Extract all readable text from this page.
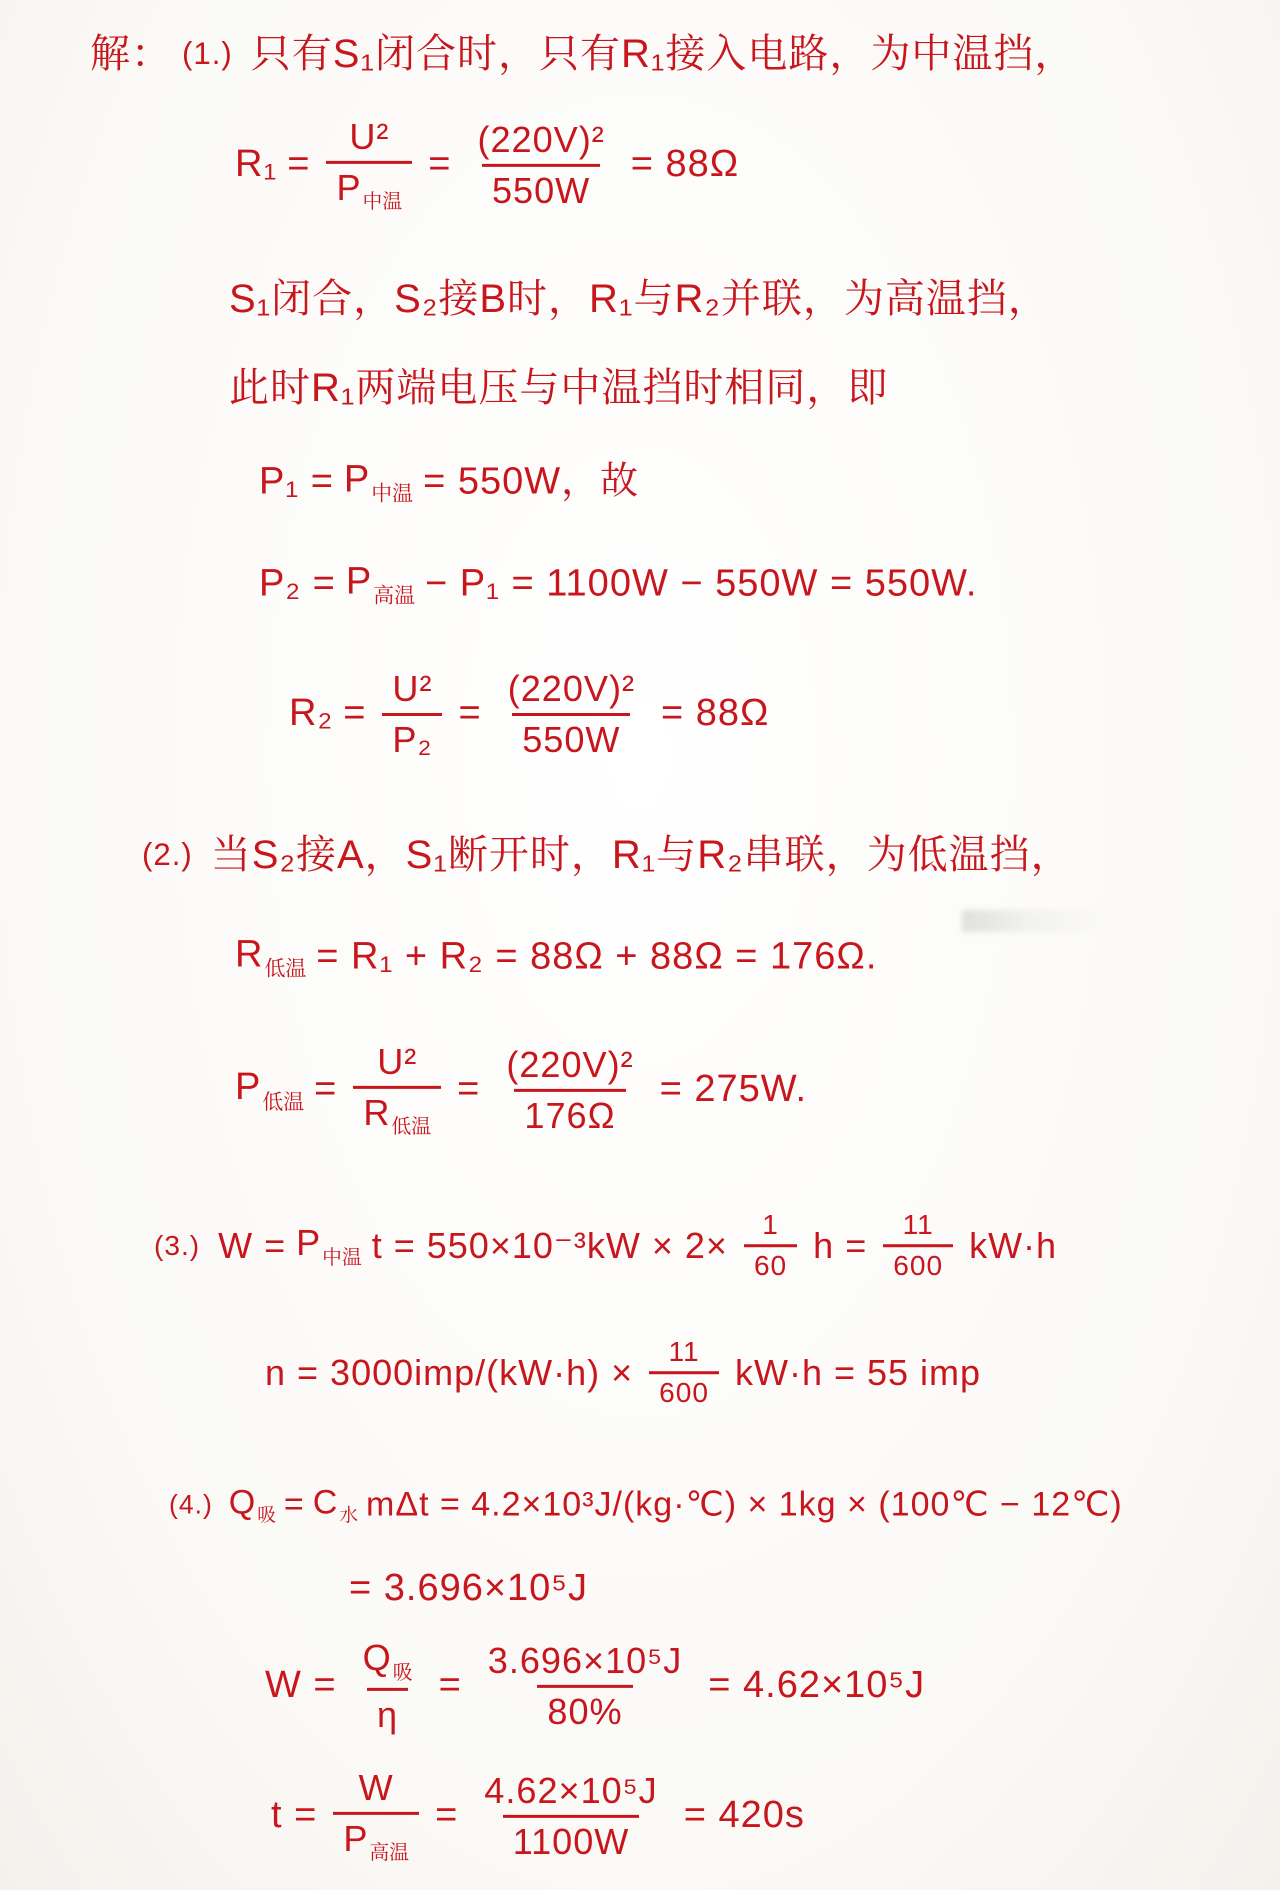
解： (1.) 只有S₁闭合时，只有R₁接入电路，为中温挡，
$R_1 = \frac{\text{U²}}{P_{中温}} = \frac{\text{(220V)²}}{550W} = 88\Omega$
S₁闭合，S₂接B时，R₁与R₂并联，为高温挡，
此时R₁两端电压与中温挡时相同，即
$P_1 = P_{中温} = 550W$，故
$P_2 = P_{高温} - P_1 = 1100W - 550W = 550W$.
$R_2 = \frac{\text{U²}}{\text{P₂}} = \frac{\text{(220V)²}}{550W} = 88\Omega$
(2.) 当S₂接A，S₁断开时，R₁与R₂串联，为低温挡，
$R_{低温} = R_1 + R_2 = 88\Omega + 88\Omega = 176\Omega$.
$P_{低温} = \frac{\text{U²}}{R_{低温}} = \frac{\text{(220V)²}}{176\Omega} = 275W$.
(3.) $W = P_{中温}$ $t = 550\times 10^{-3}kW \times 2\times \frac{1}{60}$ $h = \frac{11}{600} kW\cdot h$
$n = 3000imp/(kW\cdot h) \times \frac{11}{600} kW\cdot h = 55$ imp
(4.) $Q_吸 = C_水$ mΔt = 4.2×10³J/(kg·℃) × 1kg × (100℃ − 12℃)
= 3.696×10⁵J
$W = \frac{Q_吸}{\eta} = \frac{\text{3.696×10⁵J}}{80\%} = 4.62\times 10^5J$
$t = \frac{W}{P_{高温}} = \frac{\text{4.62×10⁵J}}{1100W} = 420s$
